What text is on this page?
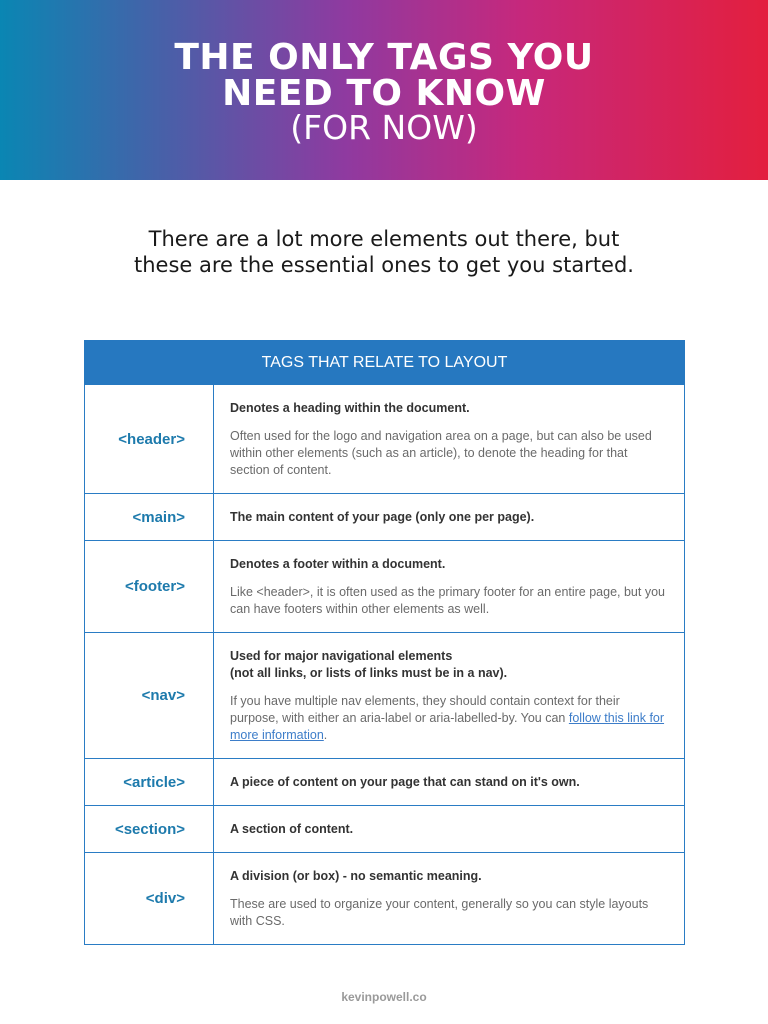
THE ONLY TAGS YOU
NEED TO KNOW
(FOR NOW)

There are a lot more elements out there, but these are the essential ones to get you started.

TAGS THAT RELATE TO LAYOUT	
<header>	Denotes a heading within the document.
Often used for the logo and navigation area on a page, but can also be used within other elements (such as an article), to denote the heading for that section of content.

<main>	The main content of your page (only one per page).

<footer>	Denotes a footer within a document.
Like <header>, it is often used as the primary footer for an entire page, but you can have footers within other elements as well.

<nav>	Used for major navigational elements
(not all links, or lists of links must be in a nav).
If you have multiple nav elements, they should contain context for their purpose, with either an aria-label or aria-labelled-by. You can follow this link for more information.

<article>	A piece of content on your page that can stand on it's own.

<section>	A section of content.

<div>	A division (or box) - no semantic meaning.
These are used to organize your content, generally so you can style layouts with CSS.
kevinpowell.co
